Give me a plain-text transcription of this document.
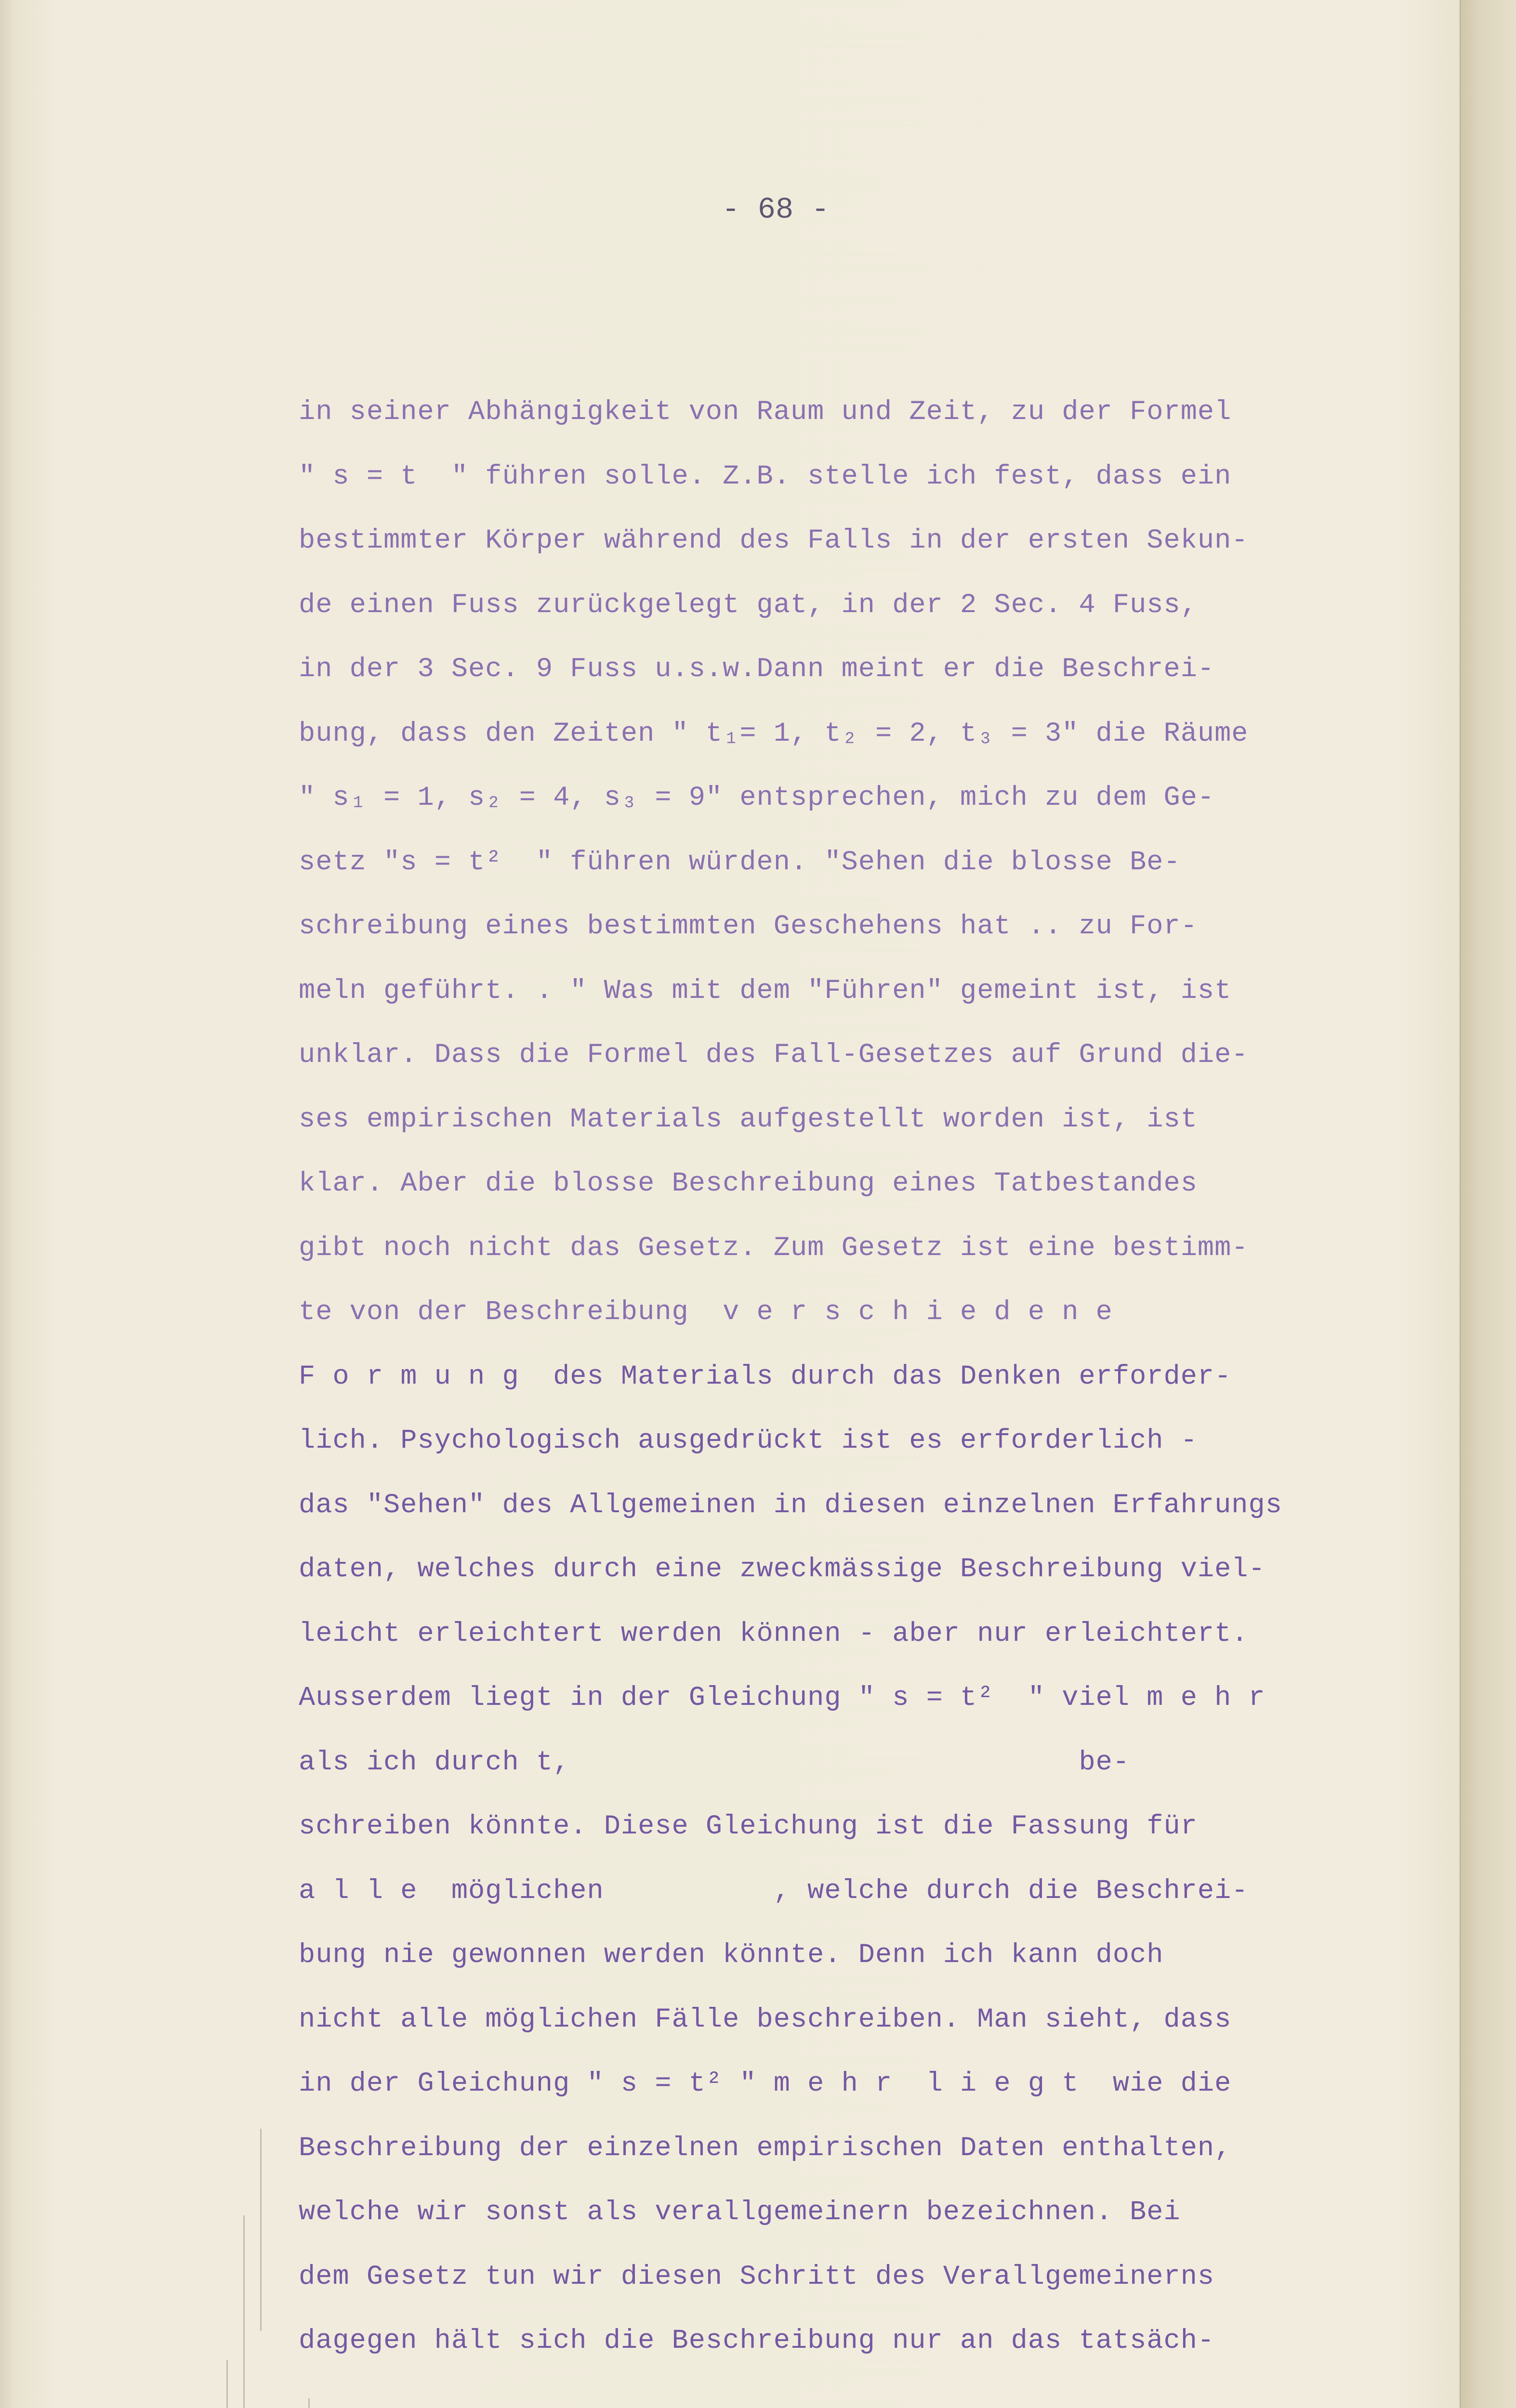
- 68 -
in seiner Abhängigkeit von Raum und Zeit, zu der Formel
" s = t  " führen solle. Z.B. stelle ich fest, dass ein
bestimmter Körper während des Falls in der ersten Sekun-
de einen Fuss zurückgelegt gat, in der 2 Sec. 4 Fuss,
in der 3 Sec. 9 Fuss u.s.w.Dann meint er die Beschrei-
bung, dass den Zeiten " t₁= 1, t₂ = 2, t₃ = 3" die Räume
" s₁ = 1, s₂ = 4, s₃ = 9" entsprechen, mich zu dem Ge-
setz "s = t²  " führen würden. "Sehen die blosse Be-
schreibung eines bestimmten Geschehens hat .. zu For-
meln geführt. . " Was mit dem "Führen" gemeint ist, ist
unklar. Dass die Formel des Fall-Gesetzes auf Grund die-
ses empirischen Materials aufgestellt worden ist, ist
klar. Aber die blosse Beschreibung eines Tatbestandes
gibt noch nicht das Gesetz. Zum Gesetz ist eine bestimm-
te von der Beschreibung  v e r s c h i e d e n e
F o r m u n g  des Materials durch das Denken erforder-
lich. Psychologisch ausgedrückt ist es erforderlich -
das "Sehen" des Allgemeinen in diesen einzelnen Erfahrungs
daten, welches durch eine zweckmässige Beschreibung viel-
leicht erleichtert werden können - aber nur erleichtert.
Ausserdem liegt in der Gleichung " s = t²  " viel m e h r
als ich durch t,                              be-
schreiben könnte. Diese Gleichung ist die Fassung für
a l l e  möglichen          , welche durch die Beschrei-
bung nie gewonnen werden könnte. Denn ich kann doch
nicht alle möglichen Fälle beschreiben. Man sieht, dass
in der Gleichung " s = t² " m e h r  l i e g t  wie die
Beschreibung der einzelnen empirischen Daten enthalten,
welche wir sonst als verallgemeinern bezeichnen. Bei
dem Gesetz tun wir diesen Schritt des Verallgemeinerns
dagegen hält sich die Beschreibung nur an das tatsäch-
